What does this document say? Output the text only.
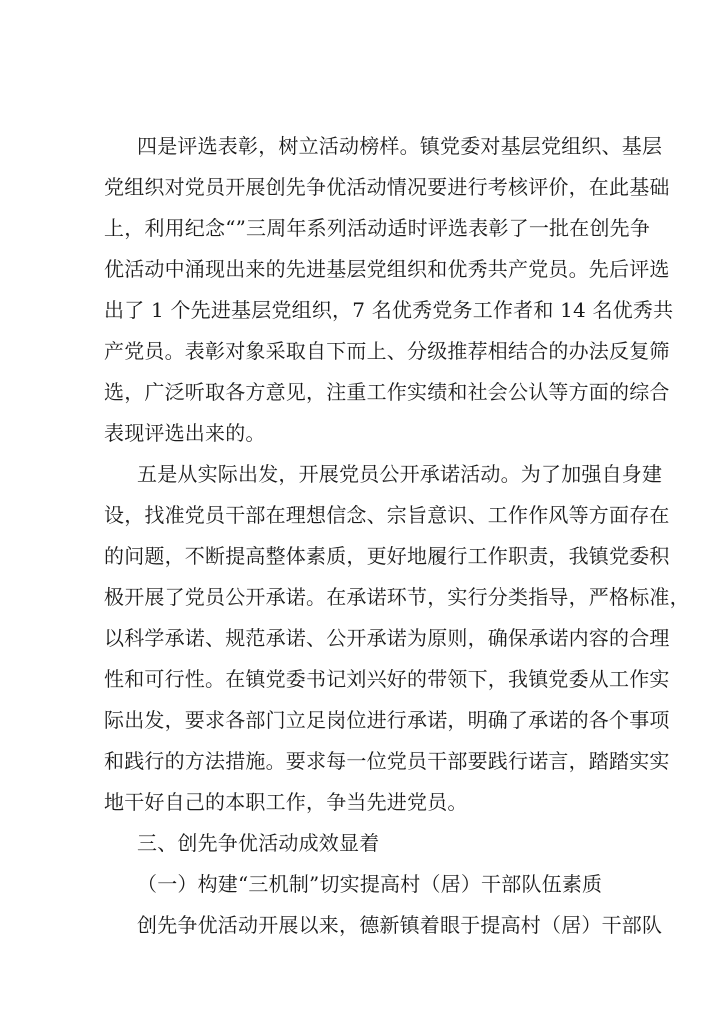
四是评选表彰，树立活动榜样。镇党委对基层党组织、基层
党组织对党员开展创先争优活动情况要进行考核评价，在此基础
上，利用纪念“”三周年系列活动适时评选表彰了一批在创先争
优活动中涌现出来的先进基层党组织和优秀共产党员。先后评选
出了 1 个先进基层党组织，7 名优秀党务工作者和 14 名优秀共
产党员。表彰对象采取自下而上、分级推荐相结合的办法反复筛
选，广泛听取各方意见，注重工作实绩和社会公认等方面的综合
表现评选出来的。
五是从实际出发，开展党员公开承诺活动。为了加强自身建
设，找准党员干部在理想信念、宗旨意识、工作作风等方面存在
的问题，不断提高整体素质，更好地履行工作职责，我镇党委积
极开展了党员公开承诺。在承诺环节，实行分类指导，严格标准，
以科学承诺、规范承诺、公开承诺为原则，确保承诺内容的合理
性和可行性。在镇党委书记刘兴好的带领下，我镇党委从工作实
际出发，要求各部门立足岗位进行承诺，明确了承诺的各个事项
和践行的方法措施。要求每一位党员干部要践行诺言，踏踏实实
地干好自己的本职工作，争当先进党员。
三、创先争优活动成效显着
（一）构建“三机制”切实提高村（居）干部队伍素质
创先争优活动开展以来，德新镇着眼于提高村（居）干部队
